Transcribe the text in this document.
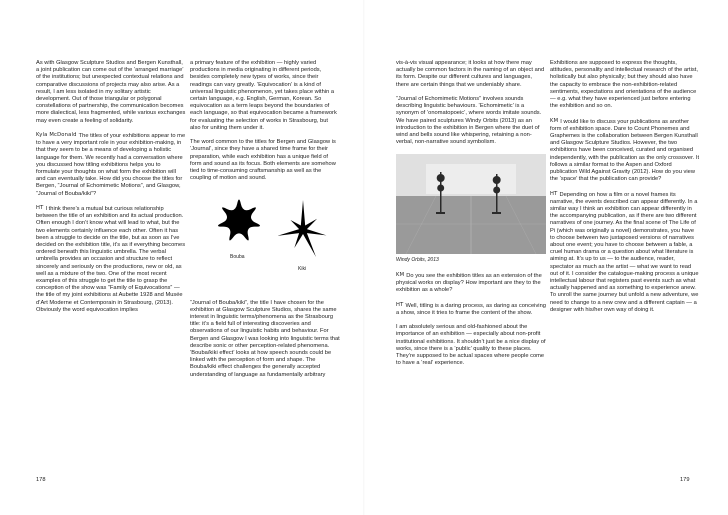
As with Glasgow Sculpture Studios and Bergen Kunsthall, a joint publication can come out of the ‘arranged marriage’ of the institutions; but unexpected contextual relations and comparative discussions of projects may also arise. As a result, I am less isolated in my solitary artistic development. Out of those triangular or polygonal constellations of partnership, the communication becomes more dialectical, less fragmented, while various exchanges may even create a feeling of solidarity.

Kyla McDonald The titles of your exhibitions appear to me to have a very important role in your exhibition-making, in that they seem to be a means of developing a holistic language for them. We recently had a conversation where you discussed how titling exhibitions helps you to formulate your thoughts on what form the exhibition will and can eventually take. How did you choose the titles for Bergen, “Journal of Echomimetic Motions”, and Glasgow, “Journal of Bouba/kiki”?

HT I think there’s a mutual but curious relationship between the title of an exhibition and its actual production. Often enough I don’t know what will lead to what, but the two elements certainly influence each other. Often it has been a struggle to decide on the title, but as soon as I’ve decided on the exhibition title, it’s as if everything becomes ordered beneath this linguistic umbrella. The verbal umbrella provides an occasion and structure to reflect sincerely and seriously on the productions, new or old, as well as a mixture of the two. One of the most recent examples of this struggle to get the title to grasp the conception of the show was “Family of Equivocations” — the title of my joint exhibitions at Aubette 1928 and Musée d’Art Moderne et Contemporain in Strasbourg, (2013). Obviously the word equivocation implies

a primary feature of the exhibition — highly varied productions in media originating in different periods, besides completely new types of works, since their readings can vary greatly. ‘Equivocation’ is a kind of universal linguistic phenomenon, yet takes place within a certain language, e.g. English, German, Korean. So equivocation as a term leaps beyond the boundaries of each language, so that equivocation became a framework for evaluating the selection of works in Strasbourg, but also for uniting them under it.

The word common to the titles for Bergen and Glasgow is ‘Journal’, since they have a shared time frame for their preparation, while each exhibition has a unique field of form and sound as its focus. Both elements are somehow tied to time-consuming craftsmanship as well as the coupling of motion and sound.

Bouba
Kiki

“Journal of Bouba/kiki”, the title I have chosen for the exhibition at Glasgow Sculpture Studios, shares the same interest in linguistic terms/phenomena as the Strasbourg title: it’s a field full of interesting discoveries and observations of our linguistic habits and behaviour. For Bergen and Glasgow I was looking into linguistic terms that describe sonic or other perception-related phenomena. ‘Bouba/kiki effect’ looks at how speech sounds could be linked with the perception of form and shape. The Bouba/kiki effect challenges the generally accepted understanding of language as fundamentally arbitrary

vis-à-vis visual appearance; it looks at how there may actually be common factors in the naming of an object and its form. Despite our different cultures and languages, there are certain things that we undeniably share.

“Journal of Echomimetic Motions” involves sounds describing linguistic behaviours. ‘Echomimetic’ is a synonym of ‘onomatopoeic’, where words imitate sounds. We have paired sculptures Windy Orbits (2013) as an introduction to the exhibition in Bergen where the duet of wind and bells sound like whispering, retaining a non-verbal, non-narrative sound symbolism.

Windy Orbits, 2013

KM Do you see the exhibition titles as an extension of the physical works on display? How important are they to the exhibition as a whole?

HT Well, titling is a daring process, as daring as conceiving a show, since it tries to frame the content of the show.

I am absolutely serious and old-fashioned about the importance of an exhibition — especially about non-profit institutional exhibitions. It shouldn’t just be a nice display of works, since there is a ‘public’ quality to these places. They’re supposed to be actual spaces where people come to have a ‘real’ experience.

Exhibitions are supposed to express the thoughts, attitudes, personality and intellectual research of the artist, holistically but also physically; but they should also have the capacity to embrace the non-exhibition-related sentiments, expectations and orientations of the audience — e.g. what they have experienced just before entering the exhibition and so on.

KM I would like to discuss your publications as another form of exhibition space. Dare to Count Phonemes and Graphemes is the collaboration between Bergen Kunsthall and Glasgow Sculpture Studios. However, the two exhibitions have been conceived, curated and organised independently, with the publication as the only crossover. It follows a similar format to the Aspen and Oxford publication Wild Against Gravity (2012). How do you view the ‘space’ that the publication can provide?

HT Depending on how a film or a novel frames its narrative, the events described can appear differently. In a similar way I think an exhibition can appear differently in the accompanying publication, as if there are two different narratives of one journey. As the final scene of The Life of Pi (which was originally a novel) demonstrates, you have to choose between two juxtaposed versions of narratives about one event; you have to choose between a fable, a cruel human drama or a question about what literature is aiming at. It’s up to us — to the audience, reader, spectator as much as the artist — what we want to read out of it. I consider the catalogue-making process a unique intellectual labour that registers past events such as what actually happened and as something to experience anew. To unroll the same journey but unfold a new adventure, we need to change to a new crew and a different captain — a designer with his/her own way of doing it.

178	179
